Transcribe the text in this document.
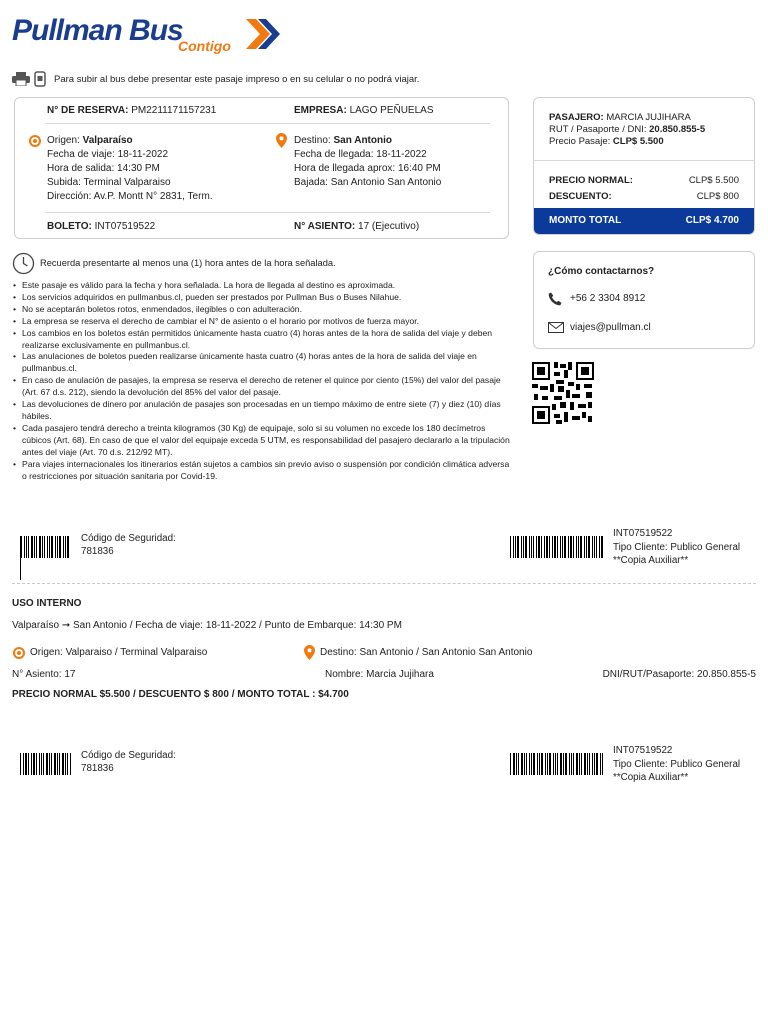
Pullman Bus
Contigo
Para subir al bus debe presentar este pasaje impreso o en su celular o no podrá viajar.
N° DE RESERVA: PM2211171157231	EMPRESA: LAGO PEÑUELAS
Origen: Valparaíso
Fecha de viaje: 18-11-2022
Hora de salida: 14:30 PM
Subida: Terminal Valparaiso
Dirección: Av.P. Montt N° 2831, Term.
Destino: San Antonio
Fecha de llegada: 18-11-2022
Hora de llegada aprox: 16:40 PM
Bajada: San Antonio San Antonio
BOLETO: INT07519522	N° ASIENTO: 17 (Ejecutivo)
PASAJERO: MARCIA JUJIHARA
RUT / Pasaporte / DNI: 20.850.855-5
Precio Pasaje: CLP$ 5.500
PRECIO NORMAL:	CLP$ 5.500
DESCUENTO:	CLP$ 800
MONTO TOTAL	CLP$ 4.700
¿Cómo contactarnos?
+56 2 3304 8912
viajes@pullman.cl
Recuerda presentarte al menos una (1) hora antes de la hora señalada.
• Este pasaje es válido para la fecha y hora señalada. La hora de llegada al destino es aproximada.
• Los servicios adquiridos en pullmanbus.cl, pueden ser prestados por Pullman Bus o Buses Nilahue.
• No se aceptarán boletos rotos, enmendados, ilegibles o con adulteración.
• La empresa se reserva el derecho de cambiar el N° de asiento o el horario por motivos de fuerza mayor.
• Los cambios en los boletos están permitidos únicamente hasta cuatro (4) horas antes de la hora de salida del viaje y deben realizarse exclusivamente en pullmanbus.cl.
• Las anulaciones de boletos pueden realizarse únicamente hasta cuatro (4) horas antes de la hora de salida del viaje en pullmanbus.cl.
• En caso de anulación de pasajes, la empresa se reserva el derecho de retener el quince por ciento (15%) del valor del pasaje (Art. 67 d.s. 212), siendo la devolución del 85% del valor del pasaje.
• Las devoluciones de dinero por anulación de pasajes son procesadas en un tiempo máximo de entre siete (7) y diez (10) días hábiles.
• Cada pasajero tendrá derecho a treinta kilogramos (30 Kg) de equipaje, solo si su volumen no excede los 180 decímetros cúbicos (Art. 68). En caso de que el valor del equipaje exceda 5 UTM, es responsabilidad del pasajero declararlo a la tripulación antes del viaje (Art. 70 d.s. 212/92 MT).
• Para viajes internacionales los itinerarios están sujetos a cambios sin previo aviso o suspensión por condición climática adversa o restricciones por situación sanitaria por Covid-19.
Código de Seguridad:
781836
INT07519522
Tipo Cliente: Publico General
**Copia Auxiliar**
USO INTERNO
Valparaíso ➞ San Antonio / Fecha de viaje: 18-11-2022 / Punto de Embarque: 14:30 PM
Origen: Valparaiso / Terminal Valparaiso	Destino: San Antonio / San Antonio San Antonio
N° Asiento: 17	Nombre: Marcia Jujihara	DNI/RUT/Pasaporte: 20.850.855-5
PRECIO NORMAL $5.500 / DESCUENTO $ 800 / MONTO TOTAL : $4.700
Código de Seguridad:
781836
INT07519522
Tipo Cliente: Publico General
**Copia Auxiliar**
